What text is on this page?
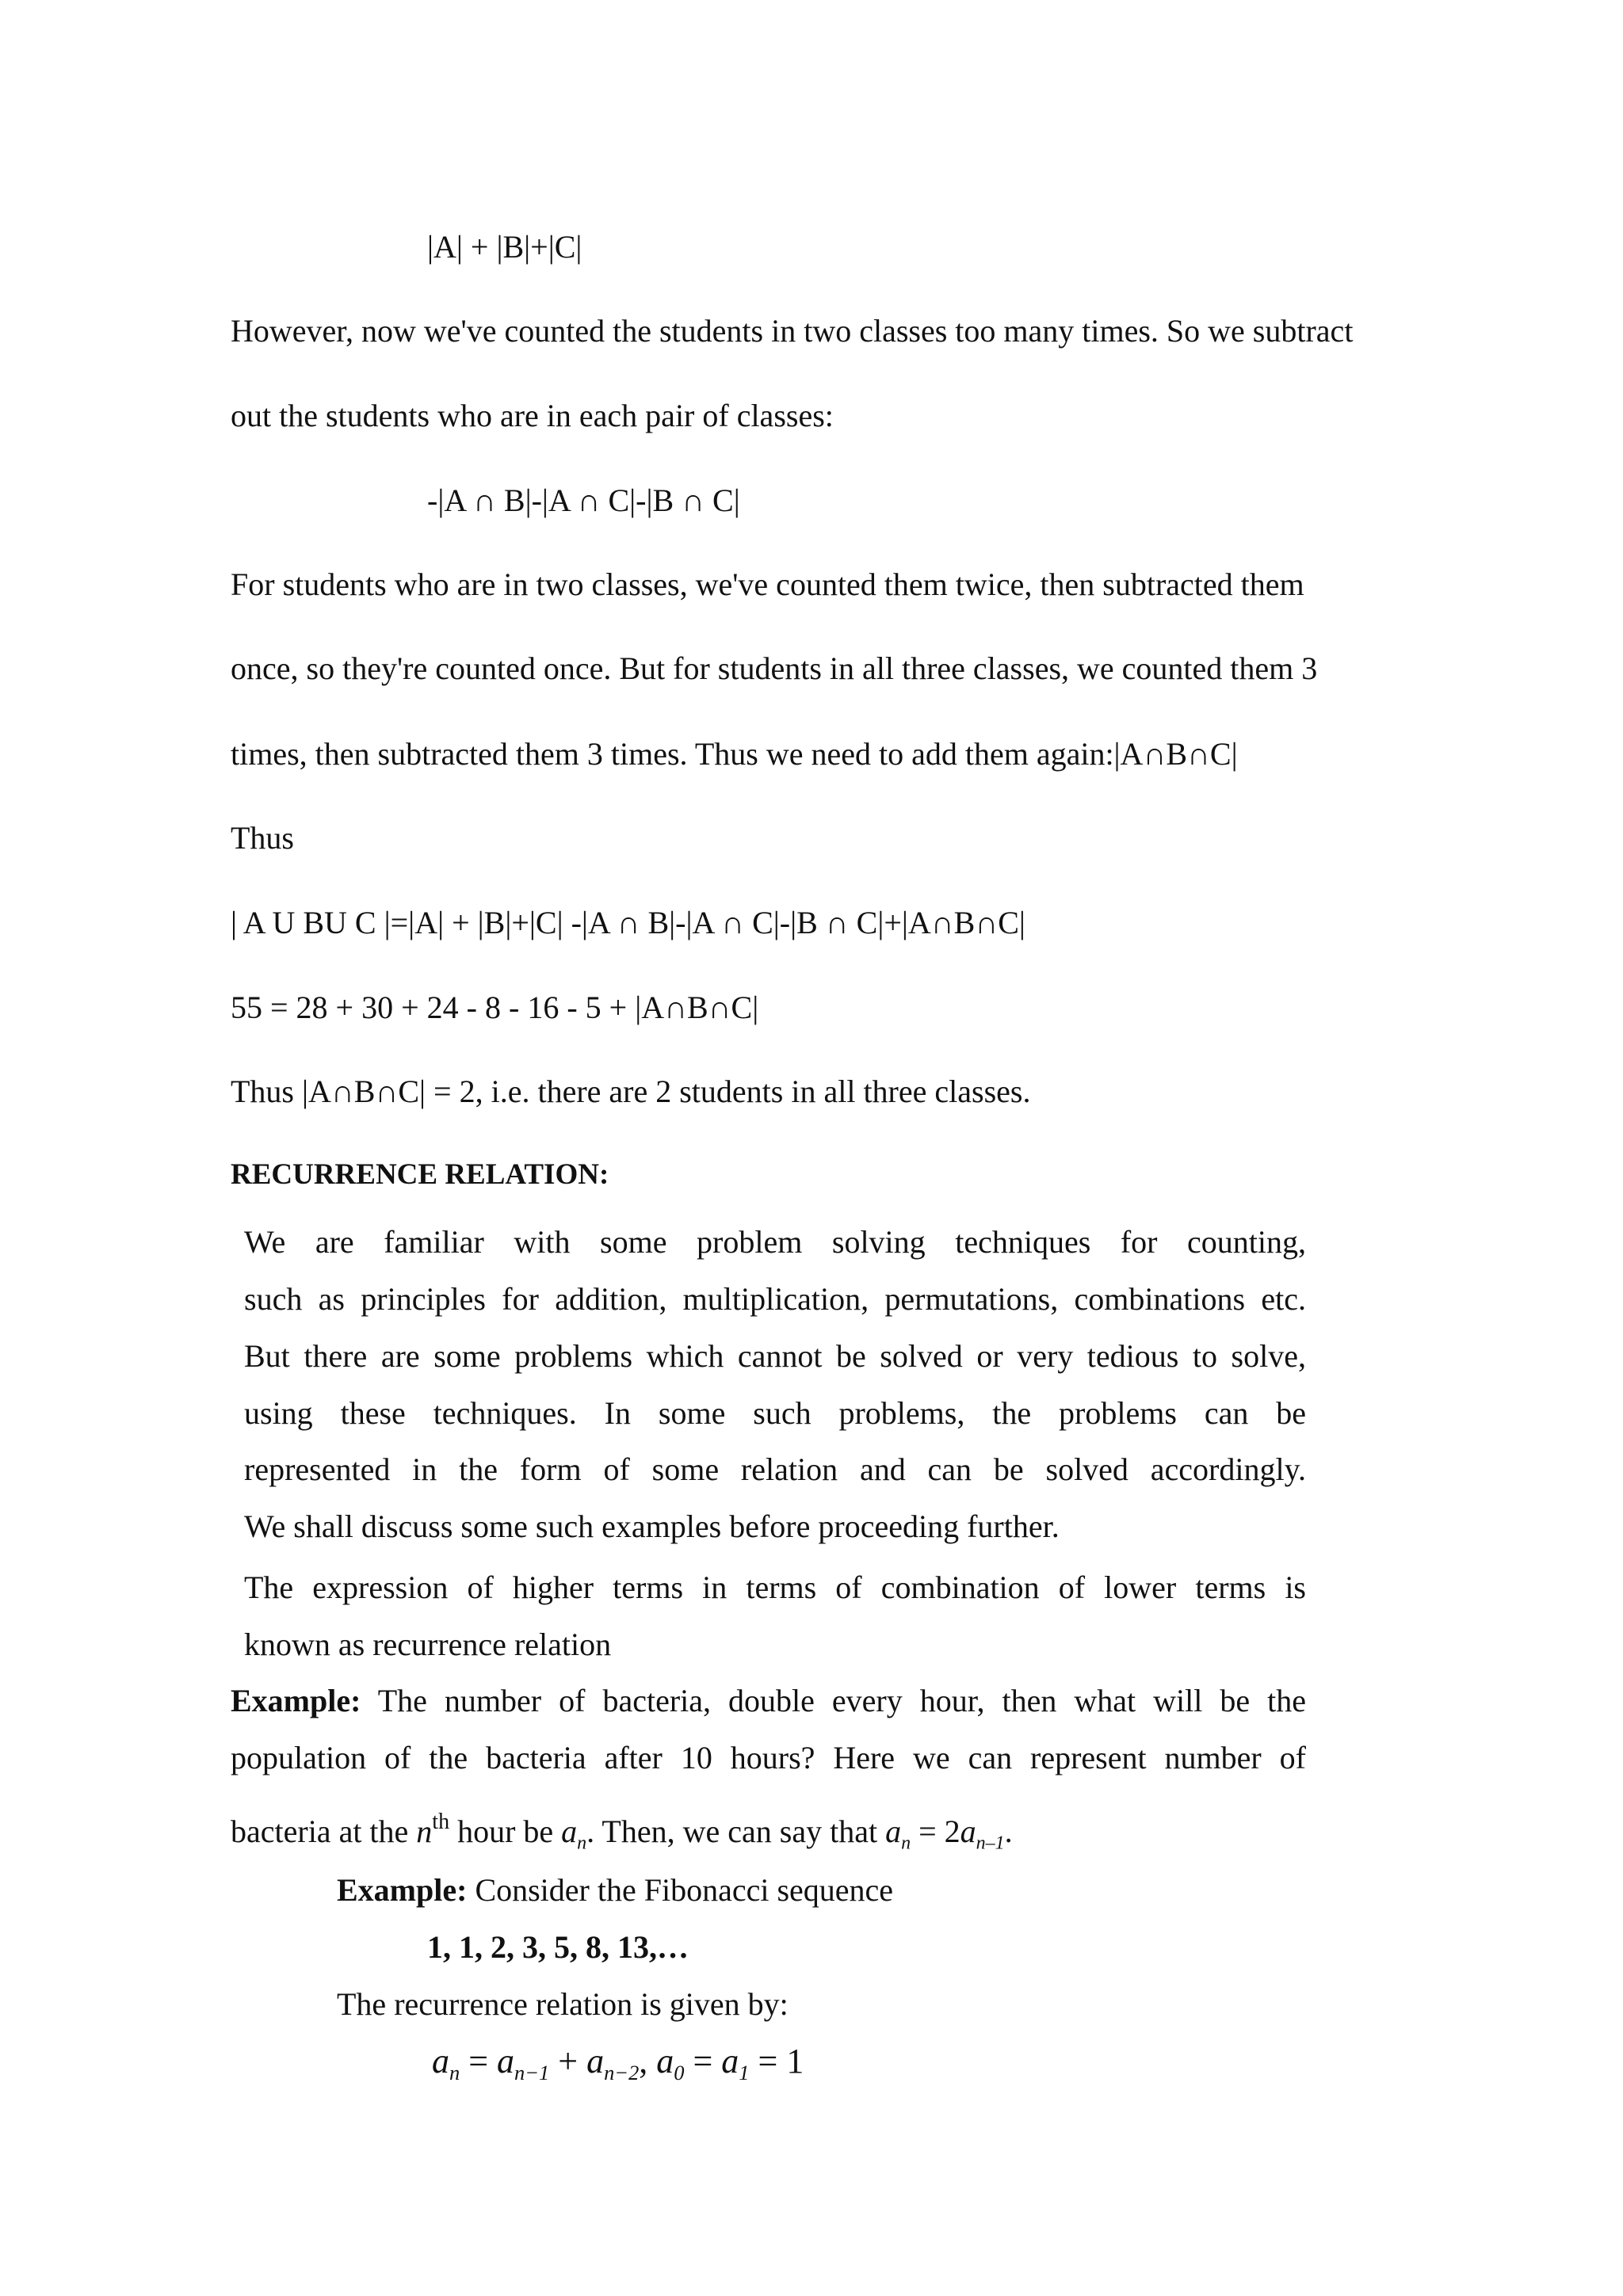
|A| + |B|+|C|

However, now we've counted the students in two classes too many times. So we subtract

out the students who are in each pair of classes:

-|A ∩ B|-|A ∩ C|-|B ∩ C|

For students who are in two classes, we've counted them twice, then subtracted them

once, so they're counted once. But for students in all three classes, we counted them 3

times, then subtracted them 3 times. Thus we need to add them again:|A∩B∩C|

Thus

| A U BU C |=|A| + |B|+|C| -|A ∩ B|-|A ∩ C|-|B ∩ C|+|A∩B∩C|

55 = 28 + 30 + 24 - 8 - 16 - 5 + |A∩B∩C|

Thus |A∩B∩C| = 2, i.e. there are 2 students in all three classes.

RECURRENCE RELATION:

We are familiar with some problem solving techniques for counting,

such as principles for addition, multiplication, permutations, combinations etc.

But there are some problems which cannot be solved or very tedious to solve,

using these techniques. In some such problems, the problems can be

represented in the form of some relation and can be solved accordingly.

We shall discuss some such examples before proceeding further.

The expression of higher terms in terms of combination of lower terms is

known as recurrence relation

Example: The number of bacteria, double every hour, then what will be the

population of the bacteria after 10 hours? Here we can represent number of

bacteria at the $n^{th}$ hour be $a_n$. Then, we can say that $a_n = 2a_{n-1}$.

Example: Consider the Fibonacci sequence

1, 1, 2, 3, 5, 8, 13,…

The recurrence relation is given by:

$a_n = a_{n-1} + a_{n-2}$, $a_0 = a_1 = 1$
